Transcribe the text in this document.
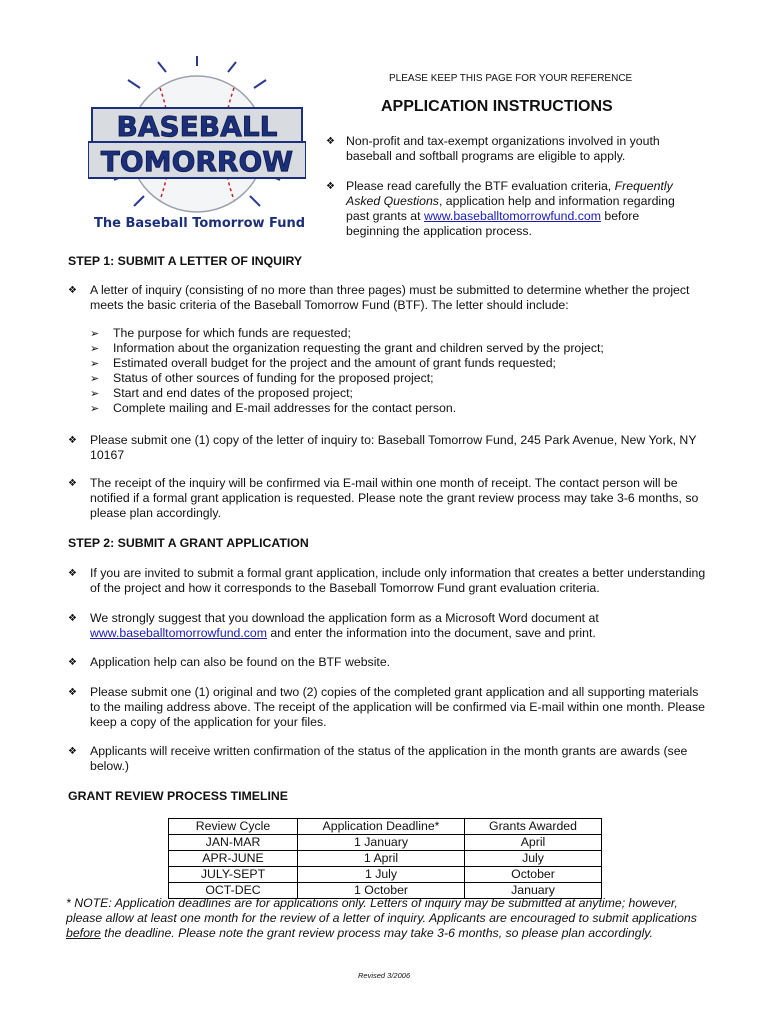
BASEBALL
TOMORROW
The Baseball Tomorrow Fund
PLEASE KEEP THIS PAGE FOR YOUR REFERENCE
APPLICATION INSTRUCTIONS
❖ Non-profit and tax-exempt organizations involved in youth baseball and softball programs are eligible to apply.
❖ Please read carefully the BTF evaluation criteria, Frequently Asked Questions, application help and information regarding past grants at www.baseballtomorrowfund.com before beginning the application process.
STEP 1: SUBMIT A LETTER OF INQUIRY
❖ A letter of inquiry (consisting of no more than three pages) must be submitted to determine whether the project meets the basic criteria of the Baseball Tomorrow Fund (BTF). The letter should include:
➢ The purpose for which funds are requested;
➢ Information about the organization requesting the grant and children served by the project;
➢ Estimated overall budget for the project and the amount of grant funds requested;
➢ Status of other sources of funding for the proposed project;
➢ Start and end dates of the proposed project;
➢ Complete mailing and E-mail addresses for the contact person.
❖ Please submit one (1) copy of the letter of inquiry to: Baseball Tomorrow Fund, 245 Park Avenue, New York, NY 10167
❖ The receipt of the inquiry will be confirmed via E-mail within one month of receipt. The contact person will be notified if a formal grant application is requested. Please note the grant review process may take 3-6 months, so please plan accordingly.
STEP 2: SUBMIT A GRANT APPLICATION
❖ If you are invited to submit a formal grant application, include only information that creates a better understanding of the project and how it corresponds to the Baseball Tomorrow Fund grant evaluation criteria.
❖ We strongly suggest that you download the application form as a Microsoft Word document at www.baseballtomorrowfund.com and enter the information into the document, save and print.
❖ Application help can also be found on the BTF website.
❖ Please submit one (1) original and two (2) copies of the completed grant application and all supporting materials to the mailing address above. The receipt of the application will be confirmed via E-mail within one month. Please keep a copy of the application for your files.
❖ Applicants will receive written confirmation of the status of the application in the month grants are awards (see below.)
GRANT REVIEW PROCESS TIMELINE
Review Cycle	Application Deadline*	Grants Awarded
JAN-MAR	1 January	April
APR-JUNE	1 April	July
JULY-SEPT	1 July	October
OCT-DEC	1 October	January
* NOTE: Application deadlines are for applications only. Letters of inquiry may be submitted at anytime; however, please allow at least one month for the review of a letter of inquiry. Applicants are encouraged to submit applications before the deadline. Please note the grant review process may take 3-6 months, so please plan accordingly.
Revised 3/2006
